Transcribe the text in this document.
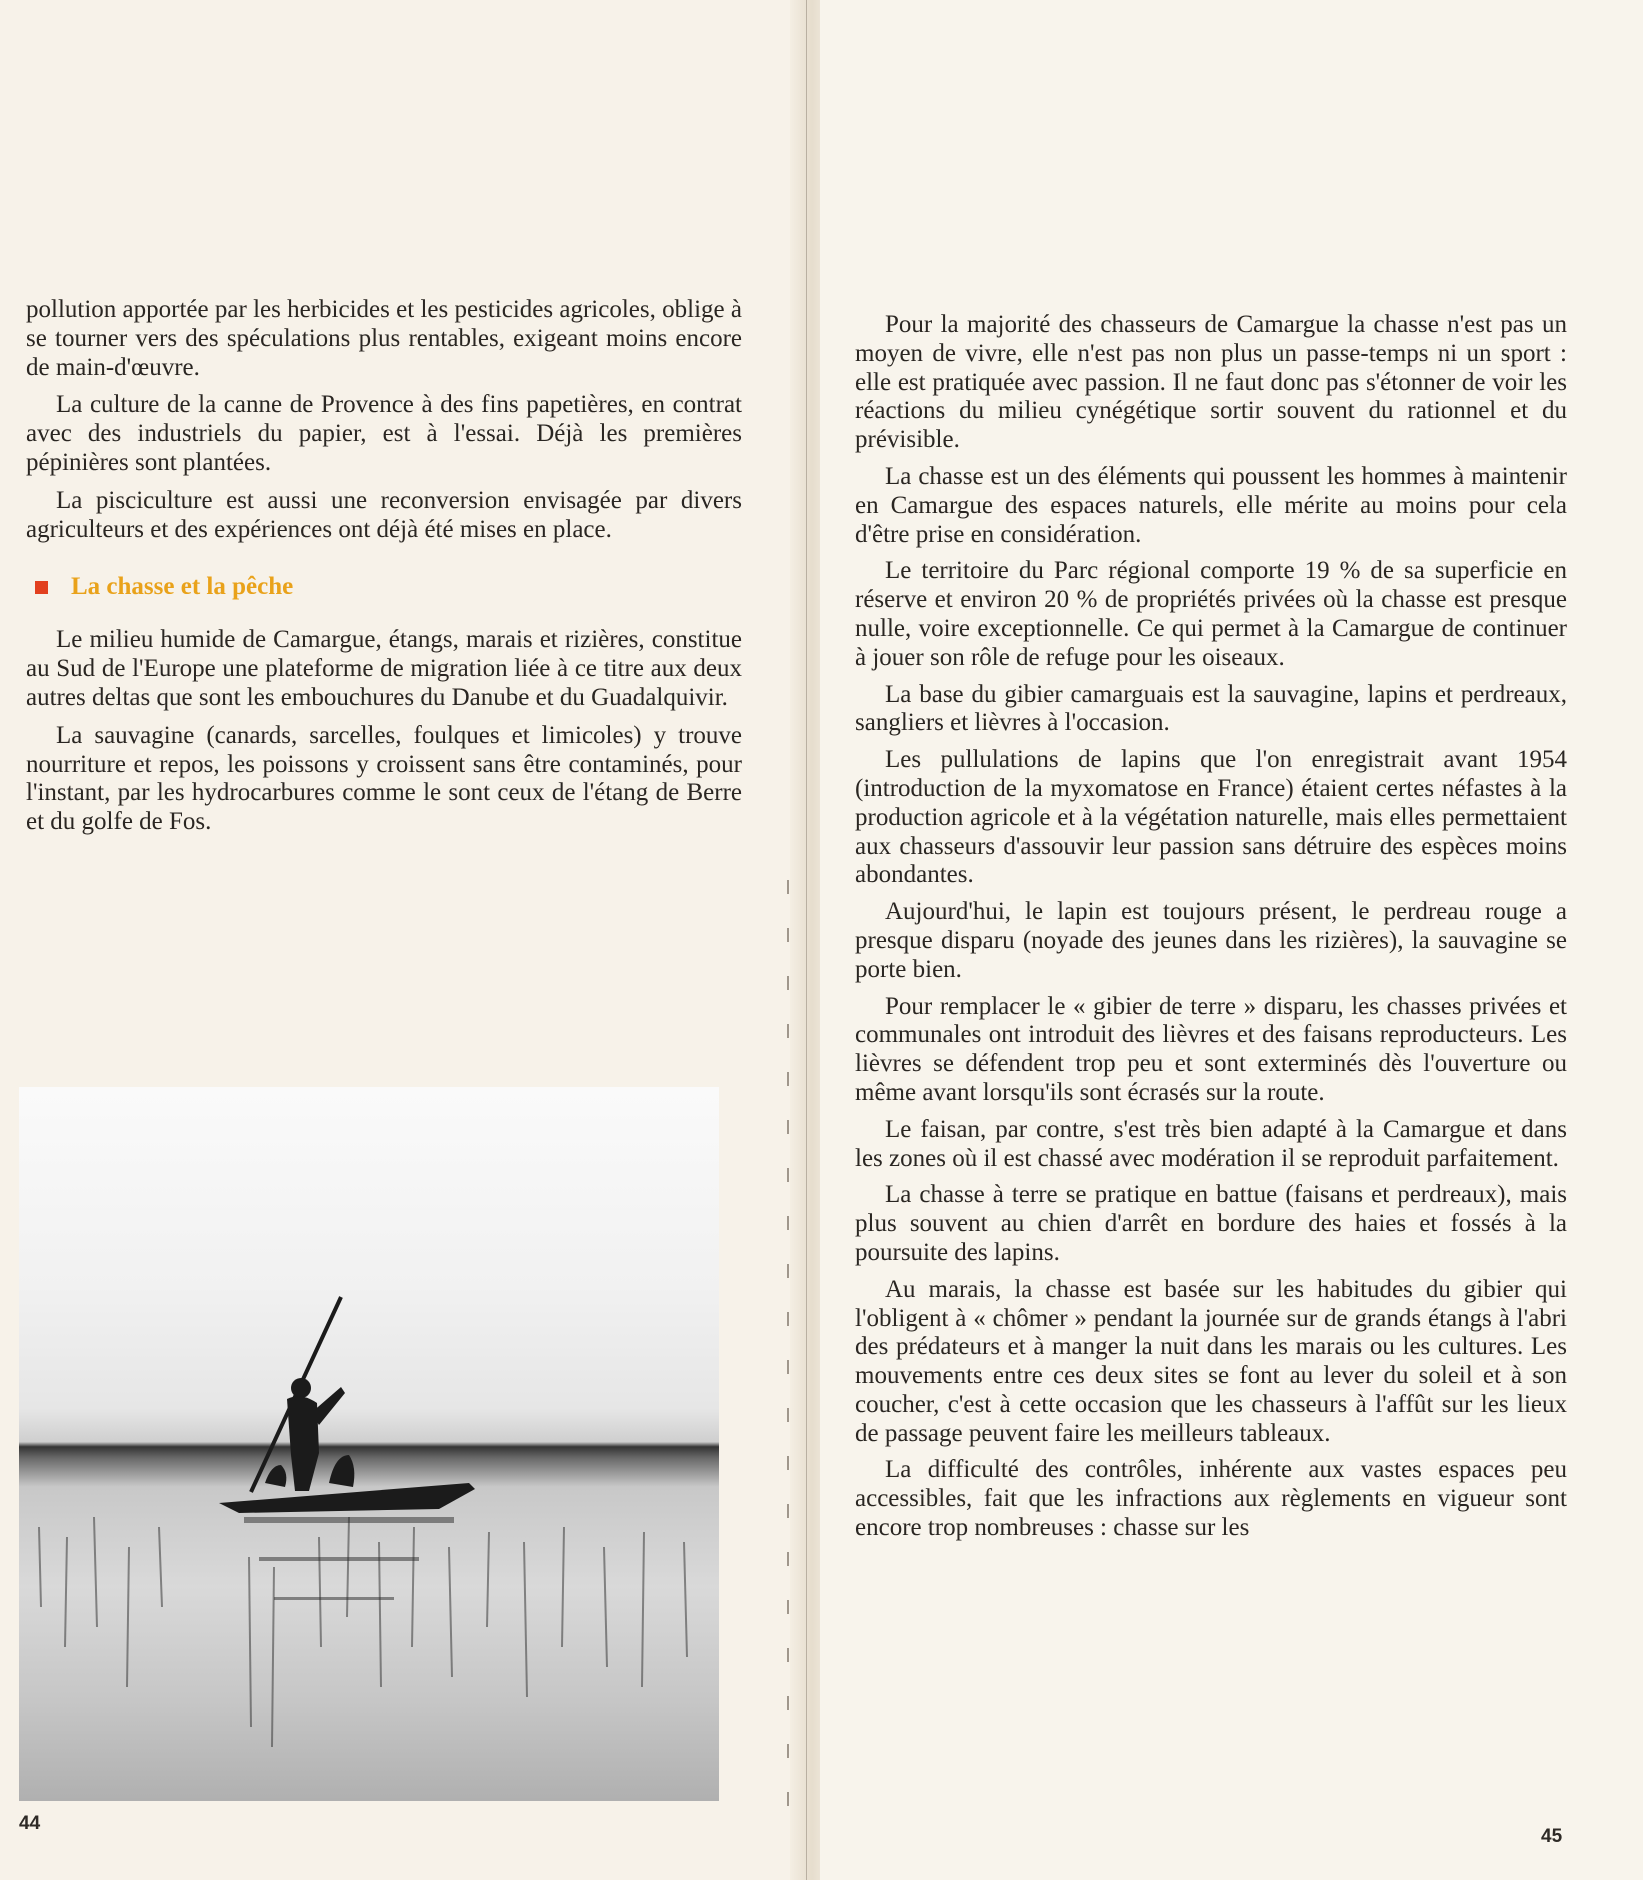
pollution apportée par les herbicides et les pesticides agricoles, oblige à se tourner vers des spéculations plus rentables, exigeant moins encore de main-d'œuvre.

La culture de la canne de Provence à des fins papetières, en contrat avec des industriels du papier, est à l'essai. Déjà les premières pépinières sont plantées.

La pisciculture est aussi une reconversion envisagée par divers agriculteurs et des expériences ont déjà été mises en place.

La chasse et la pêche

Le milieu humide de Camargue, étangs, marais et rizières, constitue au Sud de l'Europe une plateforme de migration liée à ce titre aux deux autres deltas que sont les embouchures du Danube et du Guadalquivir.

La sauvagine (canards, sarcelles, foulques et limicoles) y trouve nourriture et repos, les poissons y croissent sans être contaminés, pour l'instant, par les hydrocarbures comme le sont ceux de l'étang de Berre et du golfe de Fos.

44

Pour la majorité des chasseurs de Camargue la chasse n'est pas un moyen de vivre, elle n'est pas non plus un passe-temps ni un sport : elle est pratiquée avec passion. Il ne faut donc pas s'étonner de voir les réactions du milieu cynégétique sortir souvent du rationnel et du prévisible.

La chasse est un des éléments qui poussent les hommes à maintenir en Camargue des espaces naturels, elle mérite au moins pour cela d'être prise en considération.

Le territoire du Parc régional comporte 19 % de sa superficie en réserve et environ 20 % de propriétés privées où la chasse est presque nulle, voire exceptionnelle. Ce qui permet à la Camargue de continuer à jouer son rôle de refuge pour les oiseaux.

La base du gibier camarguais est la sauvagine, lapins et perdreaux, sangliers et lièvres à l'occasion.

Les pullulations de lapins que l'on enregistrait avant 1954 (introduction de la myxomatose en France) étaient certes néfastes à la production agricole et à la végétation naturelle, mais elles permettaient aux chasseurs d'assouvir leur passion sans détruire des espèces moins abondantes.

Aujourd'hui, le lapin est toujours présent, le perdreau rouge a presque disparu (noyade des jeunes dans les rizières), la sauvagine se porte bien.

Pour remplacer le « gibier de terre » disparu, les chasses privées et communales ont introduit des lièvres et des faisans reproducteurs. Les lièvres se défendent trop peu et sont exterminés dès l'ouverture ou même avant lorsqu'ils sont écrasés sur la route.

Le faisan, par contre, s'est très bien adapté à la Camargue et dans les zones où il est chassé avec modération il se reproduit parfaitement.

La chasse à terre se pratique en battue (faisans et perdreaux), mais plus souvent au chien d'arrêt en bordure des haies et fossés à la poursuite des lapins.

Au marais, la chasse est basée sur les habitudes du gibier qui l'obligent à « chômer » pendant la journée sur de grands étangs à l'abri des prédateurs et à manger la nuit dans les marais ou les cultures. Les mouvements entre ces deux sites se font au lever du soleil et à son coucher, c'est à cette occasion que les chasseurs à l'affût sur les lieux de passage peuvent faire les meilleurs tableaux.

La difficulté des contrôles, inhérente aux vastes espaces peu accessibles, fait que les infractions aux règlements en vigueur sont encore trop nombreuses : chasse sur les

45
